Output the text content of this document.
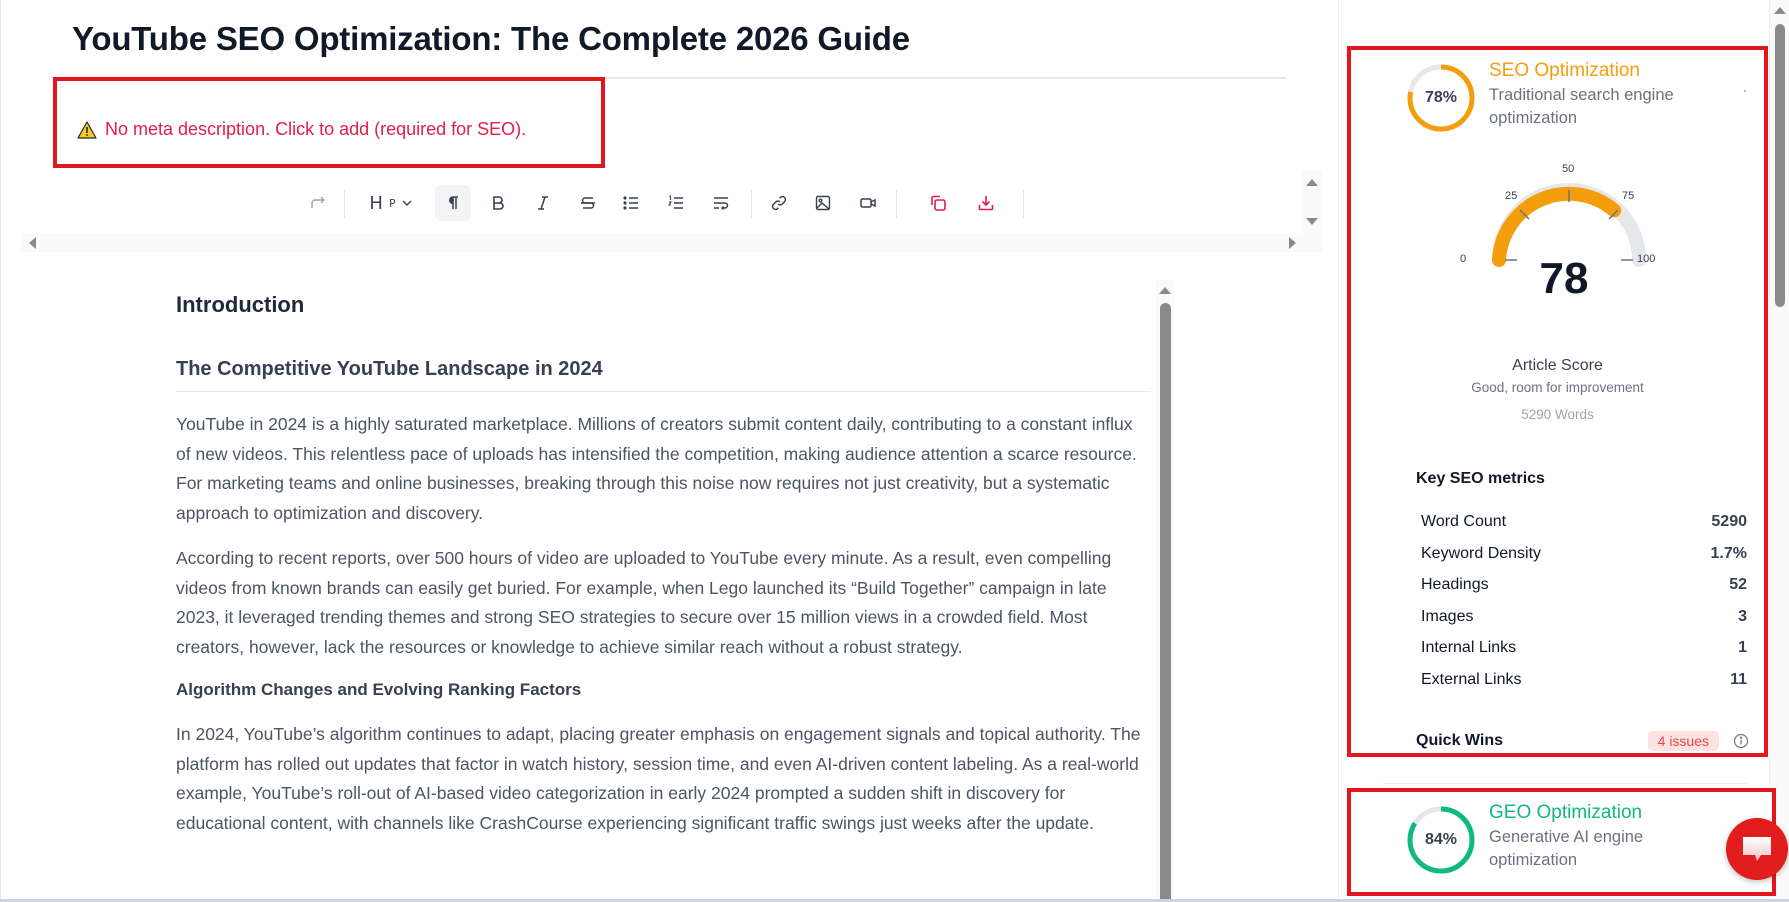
YouTube SEO Optimization: The Complete 2026 Guide
No meta description. Click to add (required for SEO).
H P
Introduction
The Competitive YouTube Landscape in 2024

YouTube in 2024 is a highly saturated marketplace. Millions of creators submit content daily, contributing to a constant influx of new videos. This relentless pace of uploads has intensified the competition, making audience attention a scarce resource. For marketing teams and online businesses, breaking through this noise now requires not just creativity, but a systematic approach to optimization and discovery.

According to recent reports, over 500 hours of video are uploaded to YouTube every minute. As a result, even compelling videos from known brands can easily get buried. For example, when Lego launched its “Build Together” campaign in late 2023, it leveraged trending themes and strong SEO strategies to secure over 15 million views in a crowded field. Most creators, however, lack the resources or knowledge to achieve similar reach without a robust strategy.

Algorithm Changes and Evolving Ranking Factors

In 2024, YouTube’s algorithm continues to adapt, placing greater emphasis on engagement signals and topical authority. The platform has rolled out updates that factor in watch history, session time, and even AI-driven content labeling. As a real-world example, YouTube’s roll-out of AI-based video categorization in early 2024 prompted a sudden shift in discovery for educational content, with channels like CrashCourse experiencing significant traffic swings just weeks after the update.

78%
SEO Optimization
Traditional search engine optimization
0
25
50
75
100
78
Article Score
Good, room for improvement
5290 Words
Key SEO metrics
Word Count	5290
Keyword Density	1.7%
Headings	52
Images	3
Internal Links	1
External Links	11
Quick Wins	4 issues
84%
GEO Optimization
Generative AI engine optimization
